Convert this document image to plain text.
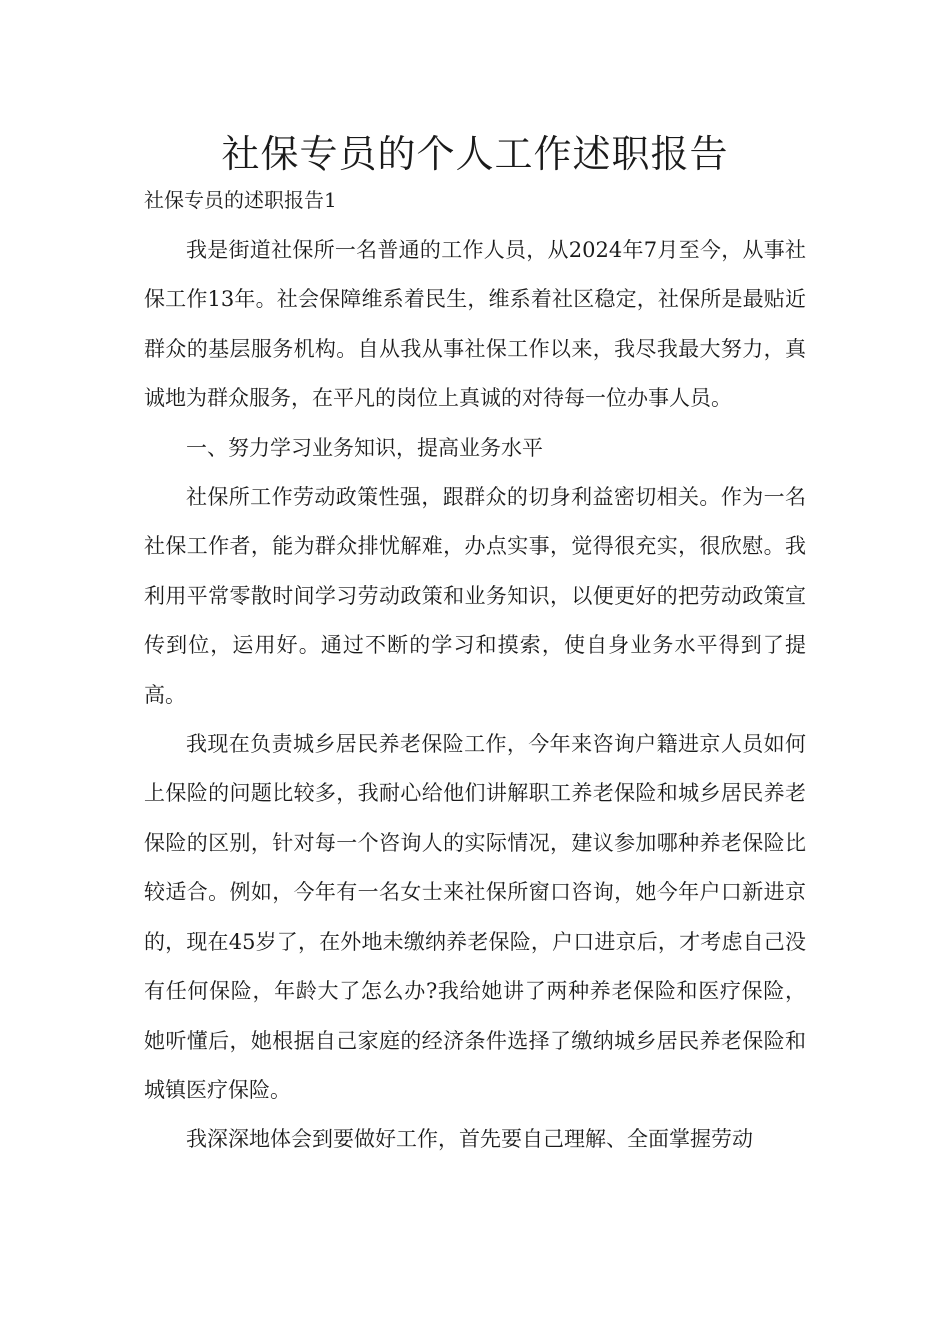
社保专员的个人工作述职报告

社保专员的述职报告1

我是街道社保所一名普通的工作人员，从2024年7月至今，从事社保工作13年。社会保障维系着民生，维系着社区稳定，社保所是最贴近群众的基层服务机构。自从我从事社保工作以来，我尽我最大努力，真诚地为群众服务，在平凡的岗位上真诚的对待每一位办事人员。

一、努力学习业务知识，提高业务水平

社保所工作劳动政策性强，跟群众的切身利益密切相关。作为一名社保工作者，能为群众排忧解难，办点实事，觉得很充实，很欣慰。我利用平常零散时间学习劳动政策和业务知识，以便更好的把劳动政策宣传到位，运用好。通过不断的学习和摸索，使自身业务水平得到了提高。

我现在负责城乡居民养老保险工作，今年来咨询户籍进京人员如何上保险的问题比较多，我耐心给他们讲解职工养老保险和城乡居民养老保险的区别，针对每一个咨询人的实际情况，建议参加哪种养老保险比较适合。例如，今年有一名女士来社保所窗口咨询，她今年户口新进京的，现在45岁了，在外地未缴纳养老保险，户口进京后，才考虑自己没有任何保险，年龄大了怎么办?我给她讲了两种养老保险和医疗保险，她听懂后，她根据自己家庭的经济条件选择了缴纳城乡居民养老保险和城镇医疗保险。

我深深地体会到要做好工作，首先要自己理解、全面掌握劳动
